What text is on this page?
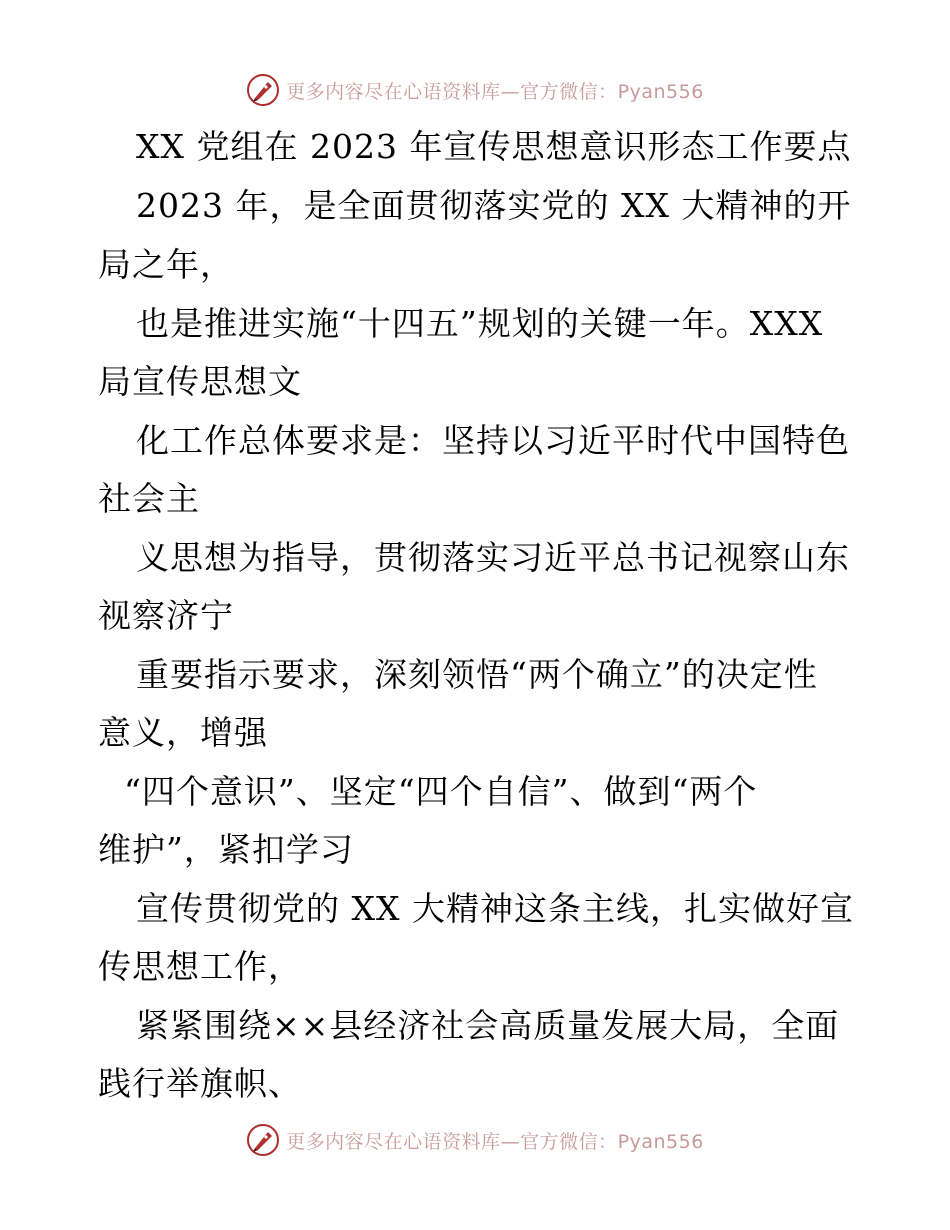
更多内容尽在心语资料库—官方微信：Pyan556
XX 党组在 2023 年宣传思想意识形态工作要点
2023 年，是全面贯彻落实党的 XX 大精神的开
局之年，
也是推进实施“十四五”规划的关键一年。XXX
局宣传思想文
化工作总体要求是：坚持以习近平时代中国特色
社会主
义思想为指导，贯彻落实习近平总书记视察山东
视察济宁
重要指示要求，深刻领悟“两个确立”的决定性
意义，增强
“四个意识”、坚定“四个自信”、做到“两个
维护”，紧扣学习
宣传贯彻党的 XX 大精神这条主线，扎实做好宣
传思想工作，
紧紧围绕××县经济社会高质量发展大局，全面
践行举旗帜、
更多内容尽在心语资料库—官方微信：Pyan556
